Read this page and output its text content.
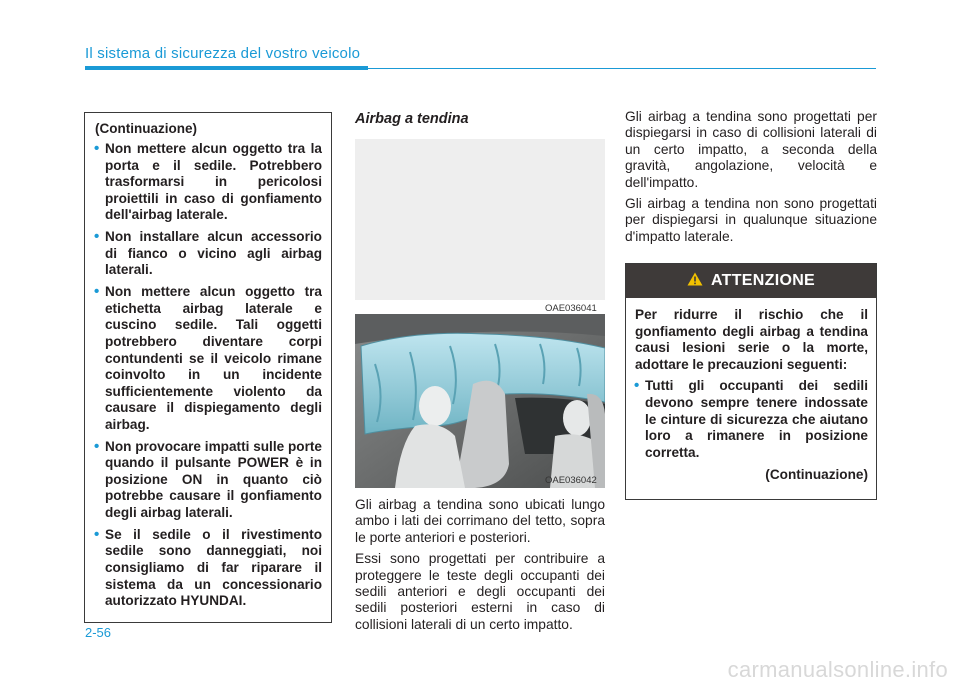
Il sistema di sicurezza del vostro veicolo

(Continuazione)

• Non mettere alcun oggetto tra la porta e il sedile. Potrebbero trasformarsi in pericolosi proiettili in caso di gonfiamento dell'airbag laterale.
• Non installare alcun accessorio di fianco o vicino agli airbag laterali.
• Non mettere alcun oggetto tra etichetta airbag laterale e cuscino sedile. Tali oggetti potrebbero diventare corpi contundenti se il veicolo rimane coinvolto in un incidente sufficientemente violento da causare il dispiegamento degli airbag.
• Non provocare impatti sulle porte quando il pulsante POWER è in posizione ON in quanto ciò potrebbe causare il gonfiamento degli airbag laterali.
• Se il sedile o il rivestimento sedile sono danneggiati, noi consigliamo di far riparare il sistema da un concessionario autorizzato HYUNDAI.
Airbag a tendina
OAE036041
OAE036042

Gli airbag a tendina sono ubicati lungo ambo i lati dei corrimano del tetto, sopra le porte anteriori e posteriori.

Essi sono progettati per contribuire a proteggere le teste degli occupanti dei sedili anteriori e degli occupanti dei sedili posteriori esterni in caso di collisioni laterali di un certo impatto.

Gli airbag a tendina sono progettati per dispiegarsi in caso di collisioni laterali di un certo impatto, a seconda della gravità, angolazione, velocità e dell'impatto.

Gli airbag a tendina non sono progettati per dispiegarsi in qualunque situazione d'impatto laterale.

ATTENZIONE

Per ridurre il rischio che il gonfiamento degli airbag a tendina causi lesioni serie o la morte, adottare le precauzioni seguenti:

• Tutti gli occupanti dei sedili devono sempre tenere indossate le cinture di sicurezza che aiutano loro a rimanere in posizione corretta.
(Continuazione)
2-56
carmanualsonline.info
